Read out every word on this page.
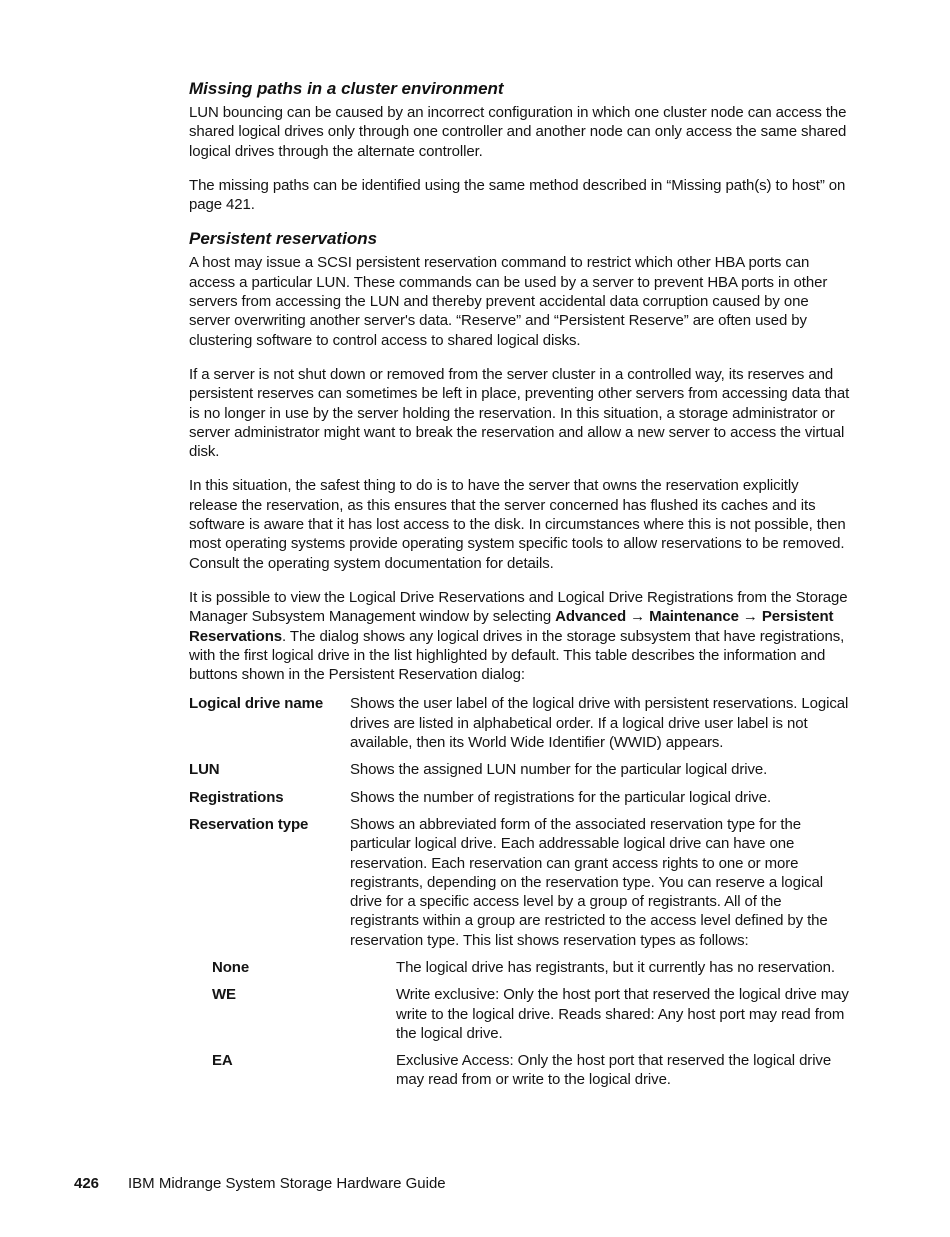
Missing paths in a cluster environment

LUN bouncing can be caused by an incorrect configuration in which one cluster node can access the shared logical drives only through one controller and another node can only access the same shared logical drives through the alternate controller.

The missing paths can be identified using the same method described in “Missing path(s) to host” on page 421.

Persistent reservations

A host may issue a SCSI persistent reservation command to restrict which other HBA ports can access a particular LUN. These commands can be used by a server to prevent HBA ports in other servers from accessing the LUN and thereby prevent accidental data corruption caused by one server overwriting another server's data. “Reserve” and “Persistent Reserve” are often used by clustering software to control access to shared logical disks.

If a server is not shut down or removed from the server cluster in a controlled way, its reserves and persistent reserves can sometimes be left in place, preventing other servers from accessing data that is no longer in use by the server holding the reservation. In this situation, a storage administrator or server administrator might want to break the reservation and allow a new server to access the virtual disk.

In this situation, the safest thing to do is to have the server that owns the reservation explicitly release the reservation, as this ensures that the server concerned has flushed its caches and its software is aware that it has lost access to the disk. In circumstances where this is not possible, then most operating systems provide operating system specific tools to allow reservations to be removed. Consult the operating system documentation for details.

It is possible to view the Logical Drive Reservations and Logical Drive Registrations from the Storage Manager Subsystem Management window by selecting Advanced → Maintenance → Persistent Reservations. The dialog shows any logical drives in the storage subsystem that have registrations, with the first logical drive in the list highlighted by default. This table describes the information and buttons shown in the Persistent Reservation dialog:

Logical drive name	Shows the user label of the logical drive with persistent reservations. Logical drives are listed in alphabetical order. If a logical drive user label is not available, then its World Wide Identifier (WWID) appears.
LUN	Shows the assigned LUN number for the particular logical drive.
Registrations	Shows the number of registrations for the particular logical drive.
Reservation type	Shows an abbreviated form of the associated reservation type for the particular logical drive. Each addressable logical drive can have one reservation. Each reservation can grant access rights to one or more registrants, depending on the reservation type. You can reserve a logical drive for a specific access level by a group of registrants. All of the registrants within a group are restricted to the access level defined by the reservation type. This list shows reservation types as follows:
None	The logical drive has registrants, but it currently has no reservation.
WE	Write exclusive: Only the host port that reserved the logical drive may write to the logical drive. Reads shared: Any host port may read from the logical drive.
EA	Exclusive Access: Only the host port that reserved the logical drive may read from or write to the logical drive.
426 IBM Midrange System Storage Hardware Guide
